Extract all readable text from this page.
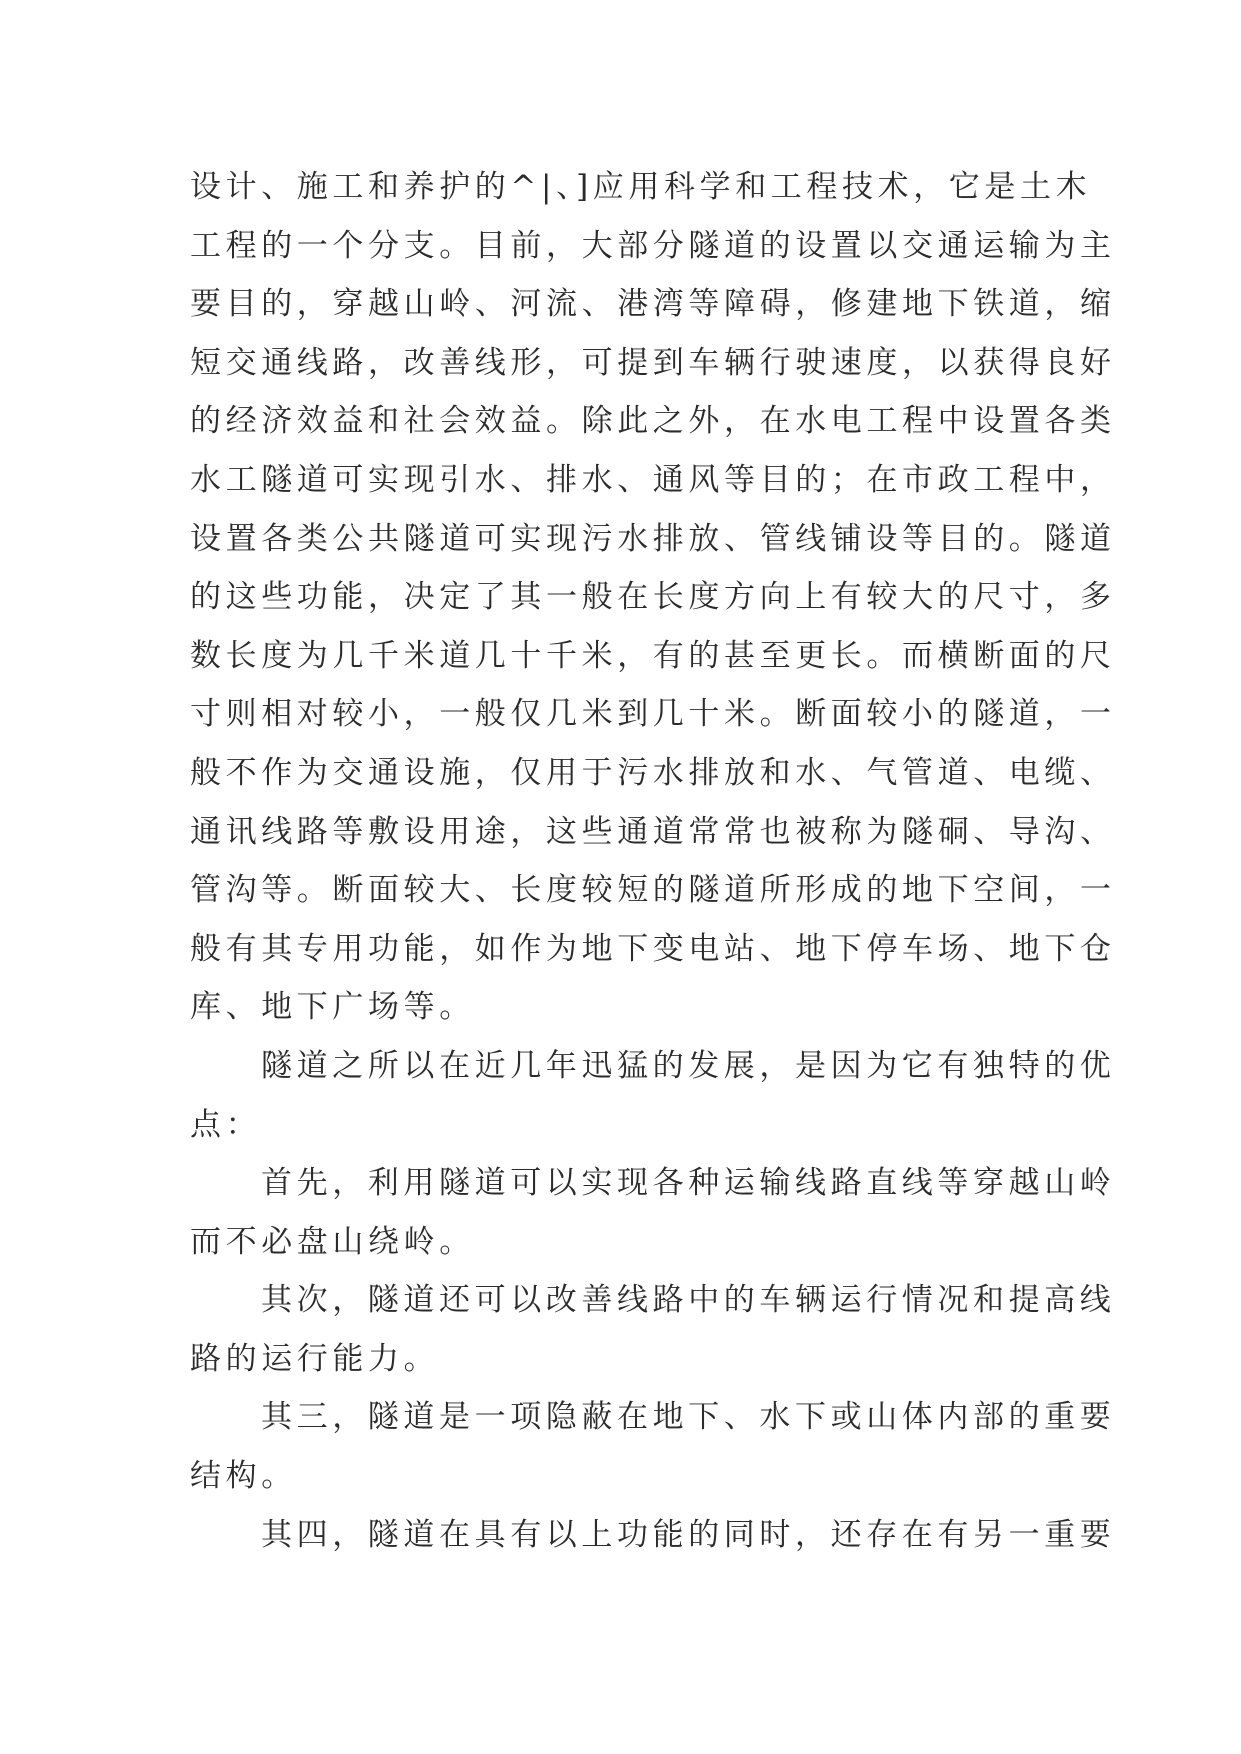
设计、施工和养护的^|、]应用科学和工程技术，它是土木
工程的一个分支。目前，大部分隧道的设置以交通运输为主
要目的，穿越山岭、河流、港湾等障碍，修建地下铁道，缩
短交通线路，改善线形，可提到车辆行驶速度，以获得良好
的经济效益和社会效益。除此之外，在水电工程中设置各类
水工隧道可实现引水、排水、通风等目的；在市政工程中，
设置各类公共隧道可实现污水排放、管线铺设等目的。隧道
的这些功能，决定了其一般在长度方向上有较大的尺寸，多
数长度为几千米道几十千米，有的甚至更长。而横断面的尺
寸则相对较小，一般仅几米到几十米。断面较小的隧道，一
般不作为交通设施，仅用于污水排放和水、气管道、电缆、
通讯线路等敷设用途，这些通道常常也被称为隧硐、导沟、
管沟等。断面较大、长度较短的隧道所形成的地下空间，一
般有其专用功能，如作为地下变电站、地下停车场、地下仓
库、地下广场等。
隧道之所以在近几年迅猛的发展，是因为它有独特的优
点：
首先，利用隧道可以实现各种运输线路直线等穿越山岭
而不必盘山绕岭。
其次，隧道还可以改善线路中的车辆运行情况和提高线
路的运行能力。
其三，隧道是一项隐蔽在地下、水下或山体内部的重要
结构。
其四，隧道在具有以上功能的同时，还存在有另一重要
